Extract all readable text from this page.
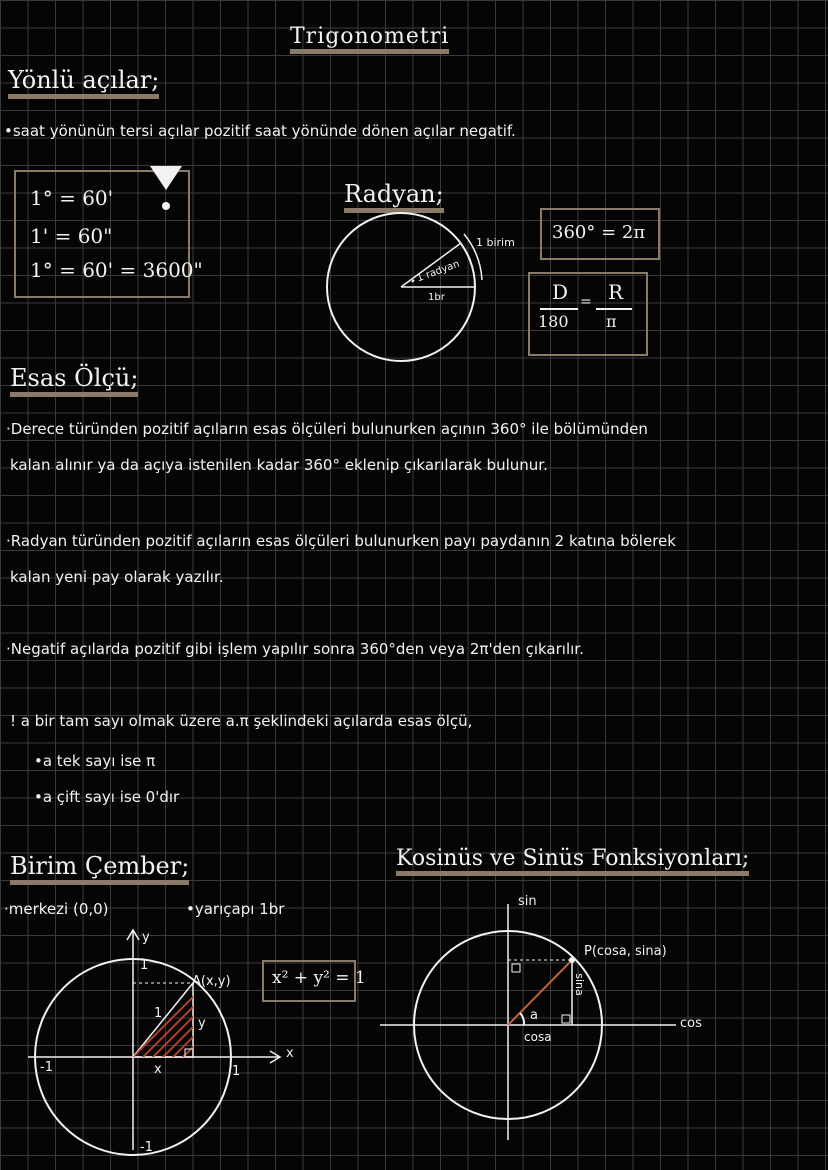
Trigonometri
Yönlü açılar;
•saat yönünün tersi açılar pozitif saat yönünde dönen açılar negatif.
1° = 60'
1' = 60"
1° = 60' = 3600"
Radyan;
1 birim
1 radyan
1br
360° = 2π
D
180
= R
π
Esas Ölçü;
·Derece türünden pozitif açıların esas ölçüleri bulunurken açının 360° ile bölümünden
kalan alınır ya da açıya istenilen kadar 360° eklenip çıkarılarak bulunur.
·Radyan türünden pozitif açıların esas ölçüleri bulunurken payı paydanın 2 katına bölerek
kalan yeni pay olarak yazılır.
·Negatif açılarda pozitif gibi işlem yapılır sonra 360°den veya 2π'den çıkarılır.
! a bir tam sayı olmak üzere a.π şeklindeki açılarda esas ölçü,
•a tek sayı ise π
•a çift sayı ise 0'dır
Birim Çember;
·merkezi (0,0)	•yarıçapı 1br
y
1
A(x,y)
1
y
x
-1	1
x
-1
x² + y² = 1
Kosinüs ve Sinüs Fonksiyonları;
sin
P(cosa, sina)
sina
a
cosa
cos
